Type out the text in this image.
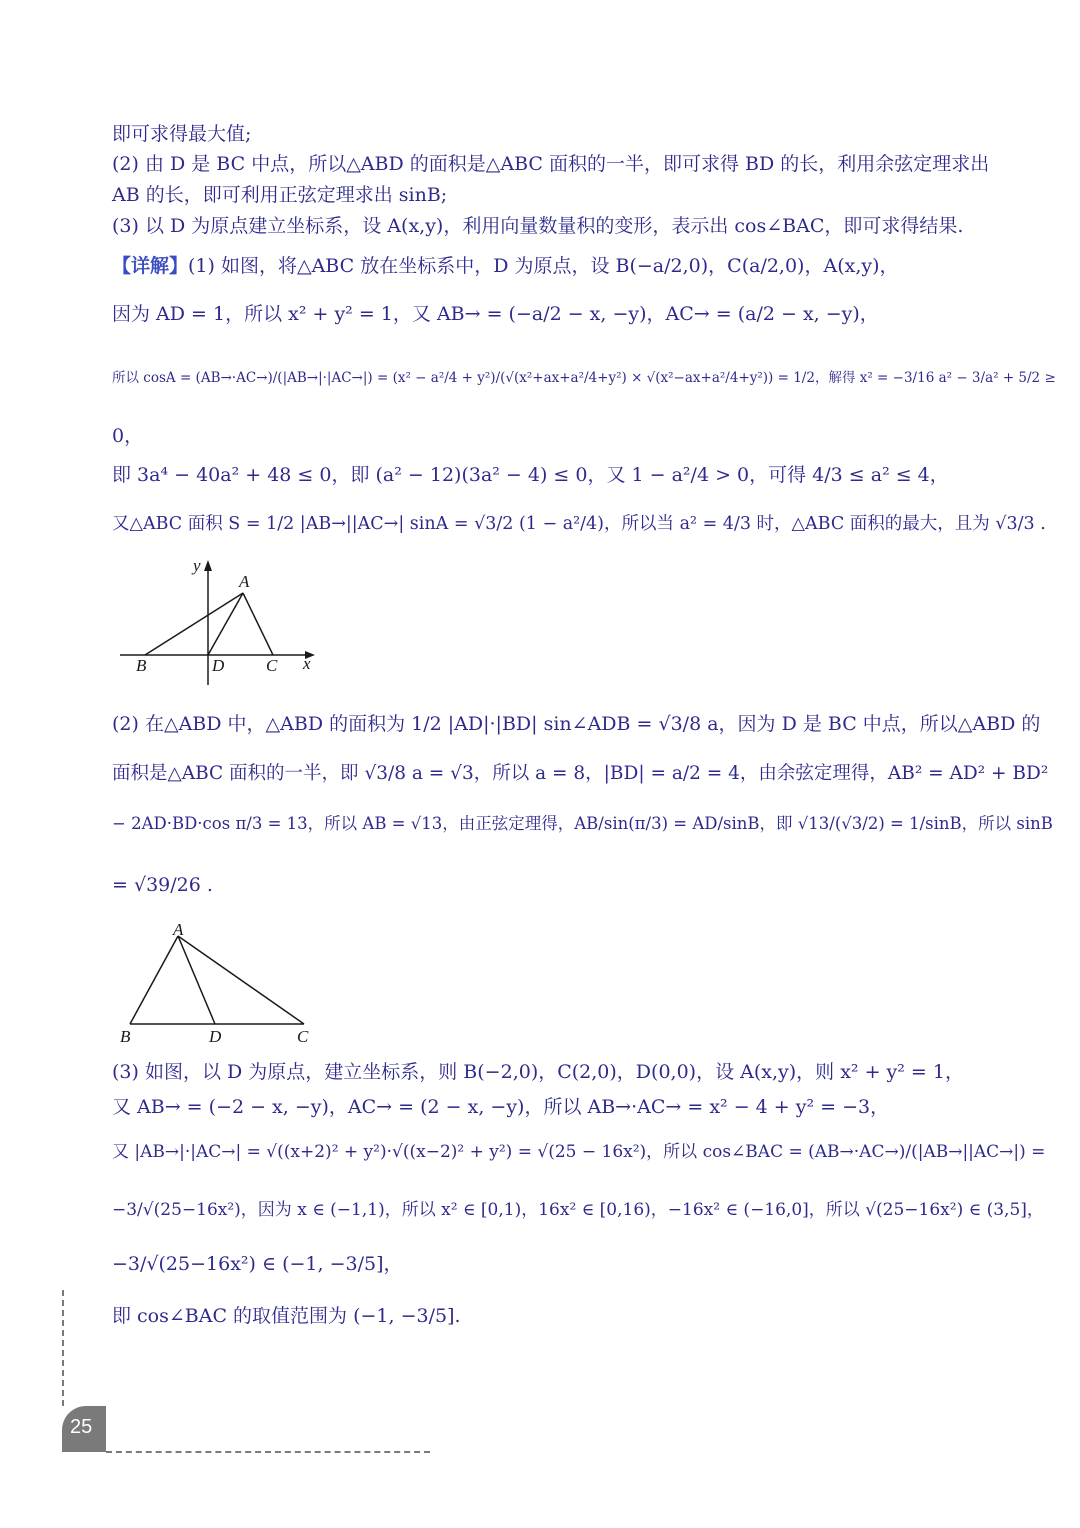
即可求得最大值;
(2) 由 D 是 BC 中点，所以△ABD 的面积是△ABC 面积的一半，即可求得 BD 的长，利用余弦定理求出
AB 的长，即可利用正弦定理求出 sinB;
(3) 以 D 为原点建立坐标系，设 A(x,y)，利用向量数量积的变形，表示出 cos∠BAC，即可求得结果.
【详解】(1) 如图，将△ABC 放在坐标系中，D 为原点，设 B(−a/2,0)，C(a/2,0)，A(x,y)，
因为 AD = 1，所以 x² + y² = 1，又 AB→ = (−a/2 − x, −y)，AC→ = (a/2 − x, −y)，
所以 cosA = (AB→·AC→)/(|AB→|·|AC→|) = (x² − a²/4 + y²)/(√(x²+ax+a²/4+y²) × √(x²−ax+a²/4+y²)) = 1/2，解得 x² = −3/16 a² − 3/a² + 5/2 ≥
0，
即 3a⁴ − 40a² + 48 ≤ 0，即 (a² − 12)(3a² − 4) ≤ 0，又 1 − a²/4 > 0，可得 4/3 ≤ a² ≤ 4，
又△ABC 面积 S = 1/2 |AB→||AC→| sinA = √3/2 (1 − a²/4)，所以当 a² = 4/3 时，△ABC 面积的最大，且为 √3/3 .
y
A
B	D C x
(2) 在△ABD 中，△ABD 的面积为 1/2 |AD|·|BD| sin∠ADB = √3/8 a，因为 D 是 BC 中点，所以△ABD 的
面积是△ABC 面积的一半，即 √3/8 a = √3，所以 a = 8，|BD| = a/2 = 4，由余弦定理得，AB² = AD² + BD²
− 2AD·BD·cos π/3 = 13，所以 AB = √13，由正弦定理得，AB/sin(π/3) = AD/sinB，即 √13/(√3/2) = 1/sinB，所以 sinB
= √39/26 .
A
B	D	C
(3) 如图，以 D 为原点，建立坐标系，则 B(−2,0)，C(2,0)，D(0,0)，设 A(x,y)，则 x² + y² = 1，
又 AB→ = (−2 − x, −y)，AC→ = (2 − x, −y)，所以 AB→·AC→ = x² − 4 + y² = −3，
又 |AB→|·|AC→| = √((x+2)² + y²)·√((x−2)² + y²) = √(25 − 16x²)，所以 cos∠BAC = (AB→·AC→)/(|AB→||AC→|) =
−3/√(25−16x²)，因为 x ∈ (−1,1)，所以 x² ∈ [0,1)，16x² ∈ [0,16)，−16x² ∈ (−16,0]，所以 √(25−16x²) ∈ (3,5]，
−3/√(25−16x²) ∈ (−1, −3/5]，
即 cos∠BAC 的取值范围为 (−1, −3/5].
25
